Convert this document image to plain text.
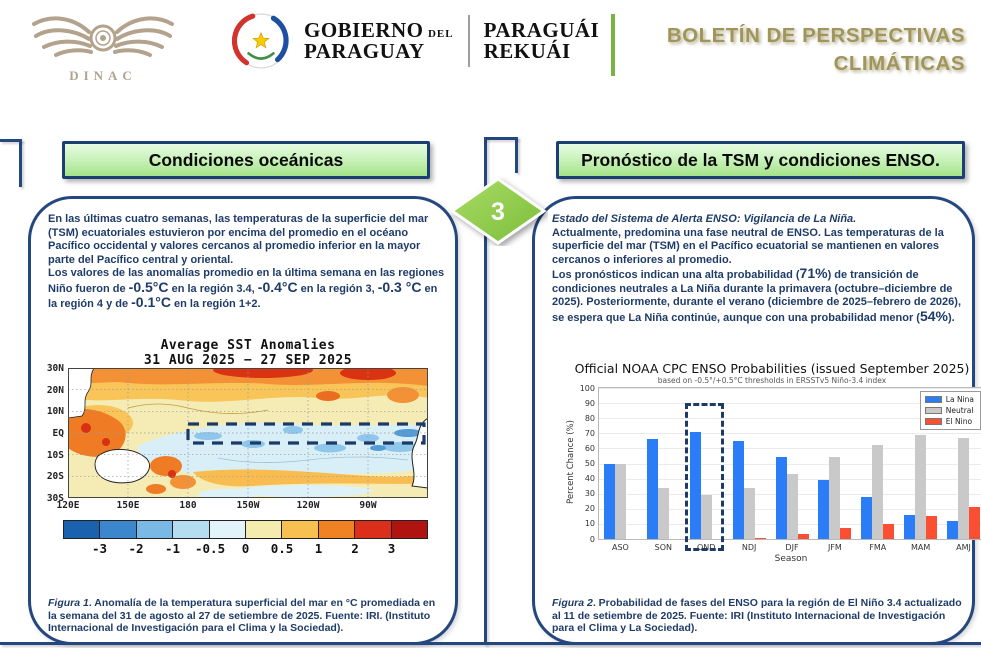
DINAC
GOBIERNO DEL
PARAGUAY
PARAGUÁI
REKUÁI
BOLETÍN DE PERSPECTIVAS
CLIMÁTICAS
Condiciones oceánicas	Pronóstico de la TSM y condiciones ENSO.
3

En las últimas cuatro semanas, las temperaturas de la superficie del mar (TSM) ecuatoriales estuvieron por encima del promedio en el océano Pacífico occidental y valores cercanos al promedio inferior en la mayor parte del Pacífico central y oriental.

Los valores de las anomalías promedio en la última semana en las regiones Niño fueron de -0.5°C en la región 3.4, -0.4°C en la región 3, -0.3 °C en la región 4 y de -0.1°C en la región 1+2.

Average SST Anomalies
31 AUG 2025 − 27 SEP 2025
30N
20N
10N
EQ
10S
20S
30S
120E	150E	180	150W	120W	90W
-3	-2	-1	-0.5	0	0.5	1	2	3
Figura 1. Anomalía de la temperatura superficial del mar en °C promediada en la semana del 31 de agosto al 27 de setiembre de 2025. Fuente: IRI. (Instituto Internacional de Investigación para el Clima y la Sociedad).

Estado del Sistema de Alerta ENSO: Vigilancia de La Niña.

Actualmente, predomina una fase neutral de ENSO. Las temperaturas de la superficie del mar (TSM) en el Pacífico ecuatorial se mantienen en valores cercanos o inferiores al promedio.

Los pronósticos indican una alta probabilidad (71%) de transición de condiciones neutrales a La Niña durante la primavera (octubre–diciembre de 2025). Posteriormente, durante el verano (diciembre de 2025–febrero de 2026), se espera que La Niña continúe, aunque con una probabilidad menor (54%).

Official NOAA CPC ENSO Probabilities (issued September 2025)
based on -0.5°/+0.5°C thresholds in ERSSTv5 Niño-3.4 index
Percent Chance (%)
La Nina
Neutral
El Nino
0
10
20
30
40
50
60
70
80
90
100
ASO	SON	OND	NDJ	DJF	JFM	FMA	MAM	AMJ
Season
Figura 2. Probabilidad de fases del ENSO para la región de El Niño 3.4 actualizado al 11 de setiembre de 2025. Fuente: IRI (Instituto Internacional de Investigación para el Clima y La Sociedad).
